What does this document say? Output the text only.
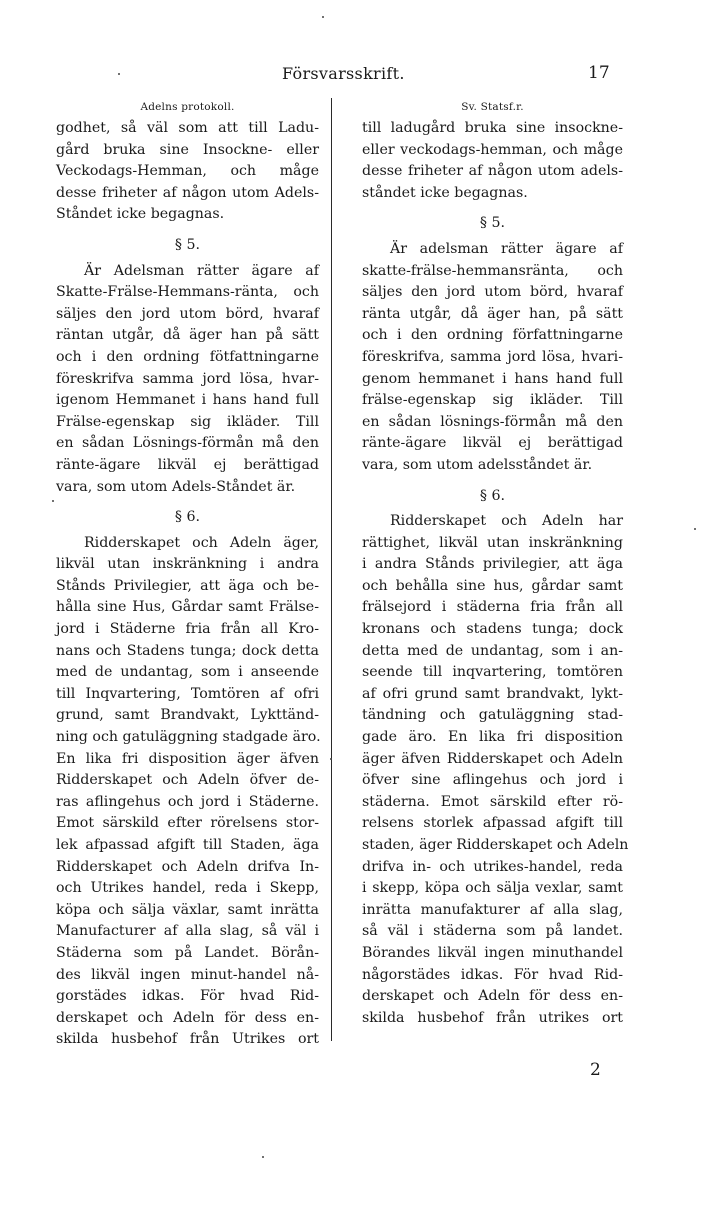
Försvarsskrift.	17
Adelns protokoll.
godhet, så väl som att till Ladu-
gård bruka sine Insockne- eller
Veckodags-Hemman, och måge
desse friheter af någon utom Adels-
Ståndet icke begagnas.
§ 5.
Är Adelsman rätter ägare af
Skatte-Frälse-Hemmans-ränta, och
säljes den jord utom börd, hvaraf
räntan utgår, då äger han på sätt
och i den ordning fötfattningarne
föreskrifva samma jord lösa, hvar-
igenom Hemmanet i hans hand full
Frälse-egenskap sig ikläder. Till
en sådan Lösnings-förmån må den
ränte-ägare likväl ej berättigad
vara, som utom Adels-Ståndet är.
§ 6.
Ridderskapet och Adeln äger,
likväl utan inskränkning i andra
Stånds Privilegier, att äga och be-
hålla sine Hus, Gårdar samt Frälse-
jord i Städerne fria från all Kro-
nans och Stadens tunga; dock detta
med de undantag, som i anseende
till Inqvartering, Tomtören af ofri
grund, samt Brandvakt, Lykttänd-
ning och gatuläggning stadgade äro.
En lika fri disposition äger äfven
Ridderskapet och Adeln öfver de-
ras aflingehus och jord i Städerne.
Emot särskild efter rörelsens stor-
lek afpassad afgift till Staden, äga
Ridderskapet och Adeln drifva In-
och Utrikes handel, reda i Skepp,
köpa och sälja växlar, samt inrätta
Manufacturer af alla slag, så väl i
Städerna som på Landet. Börån-
des likväl ingen minut-handel nå-
gorstädes idkas. För hvad Rid-
derskapet och Adeln för dess en-
skilda husbehof från Utrikes ort
Sv. Statsf.r.
till ladugård bruka sine insockne-
eller veckodags-hemman, och måge
desse friheter af någon utom adels-
ståndet icke begagnas.
§ 5.
Är adelsman rätter ägare af
skatte-frälse-hemmansränta, och
säljes den jord utom börd, hvaraf
ränta utgår, då äger han, på sätt
och i den ordning författningarne
föreskrifva, samma jord lösa, hvari-
genom hemmanet i hans hand full
frälse-egenskap sig ikläder. Till
en sådan lösnings-förmån må den
ränte-ägare likväl ej berättigad
vara, som utom adelsståndet är.
§ 6.
Ridderskapet och Adeln har
rättighet, likväl utan inskränkning
i andra Stånds privilegier, att äga
och behålla sine hus, gårdar samt
frälsejord i städerna fria från all
kronans och stadens tunga; dock
detta med de undantag, som i an-
seende till inqvartering, tomtören
af ofri grund samt brandvakt, lykt-
tändning och gatuläggning stad-
gade äro. En lika fri disposition
äger äfven Ridderskapet och Adeln
öfver sine aflingehus och jord i
städerna. Emot särskild efter rö-
relsens storlek afpassad afgift till
staden, äger Ridderskapet och Adeln
drifva in- och utrikes-handel, reda
i skepp, köpa och sälja vexlar, samt
inrätta manufakturer af alla slag,
så väl i städerna som på landet.
Börandes likväl ingen minuthandel
någorstädes idkas. För hvad Rid-
derskapet och Adeln för dess en-
skilda husbehof från utrikes ort
2
